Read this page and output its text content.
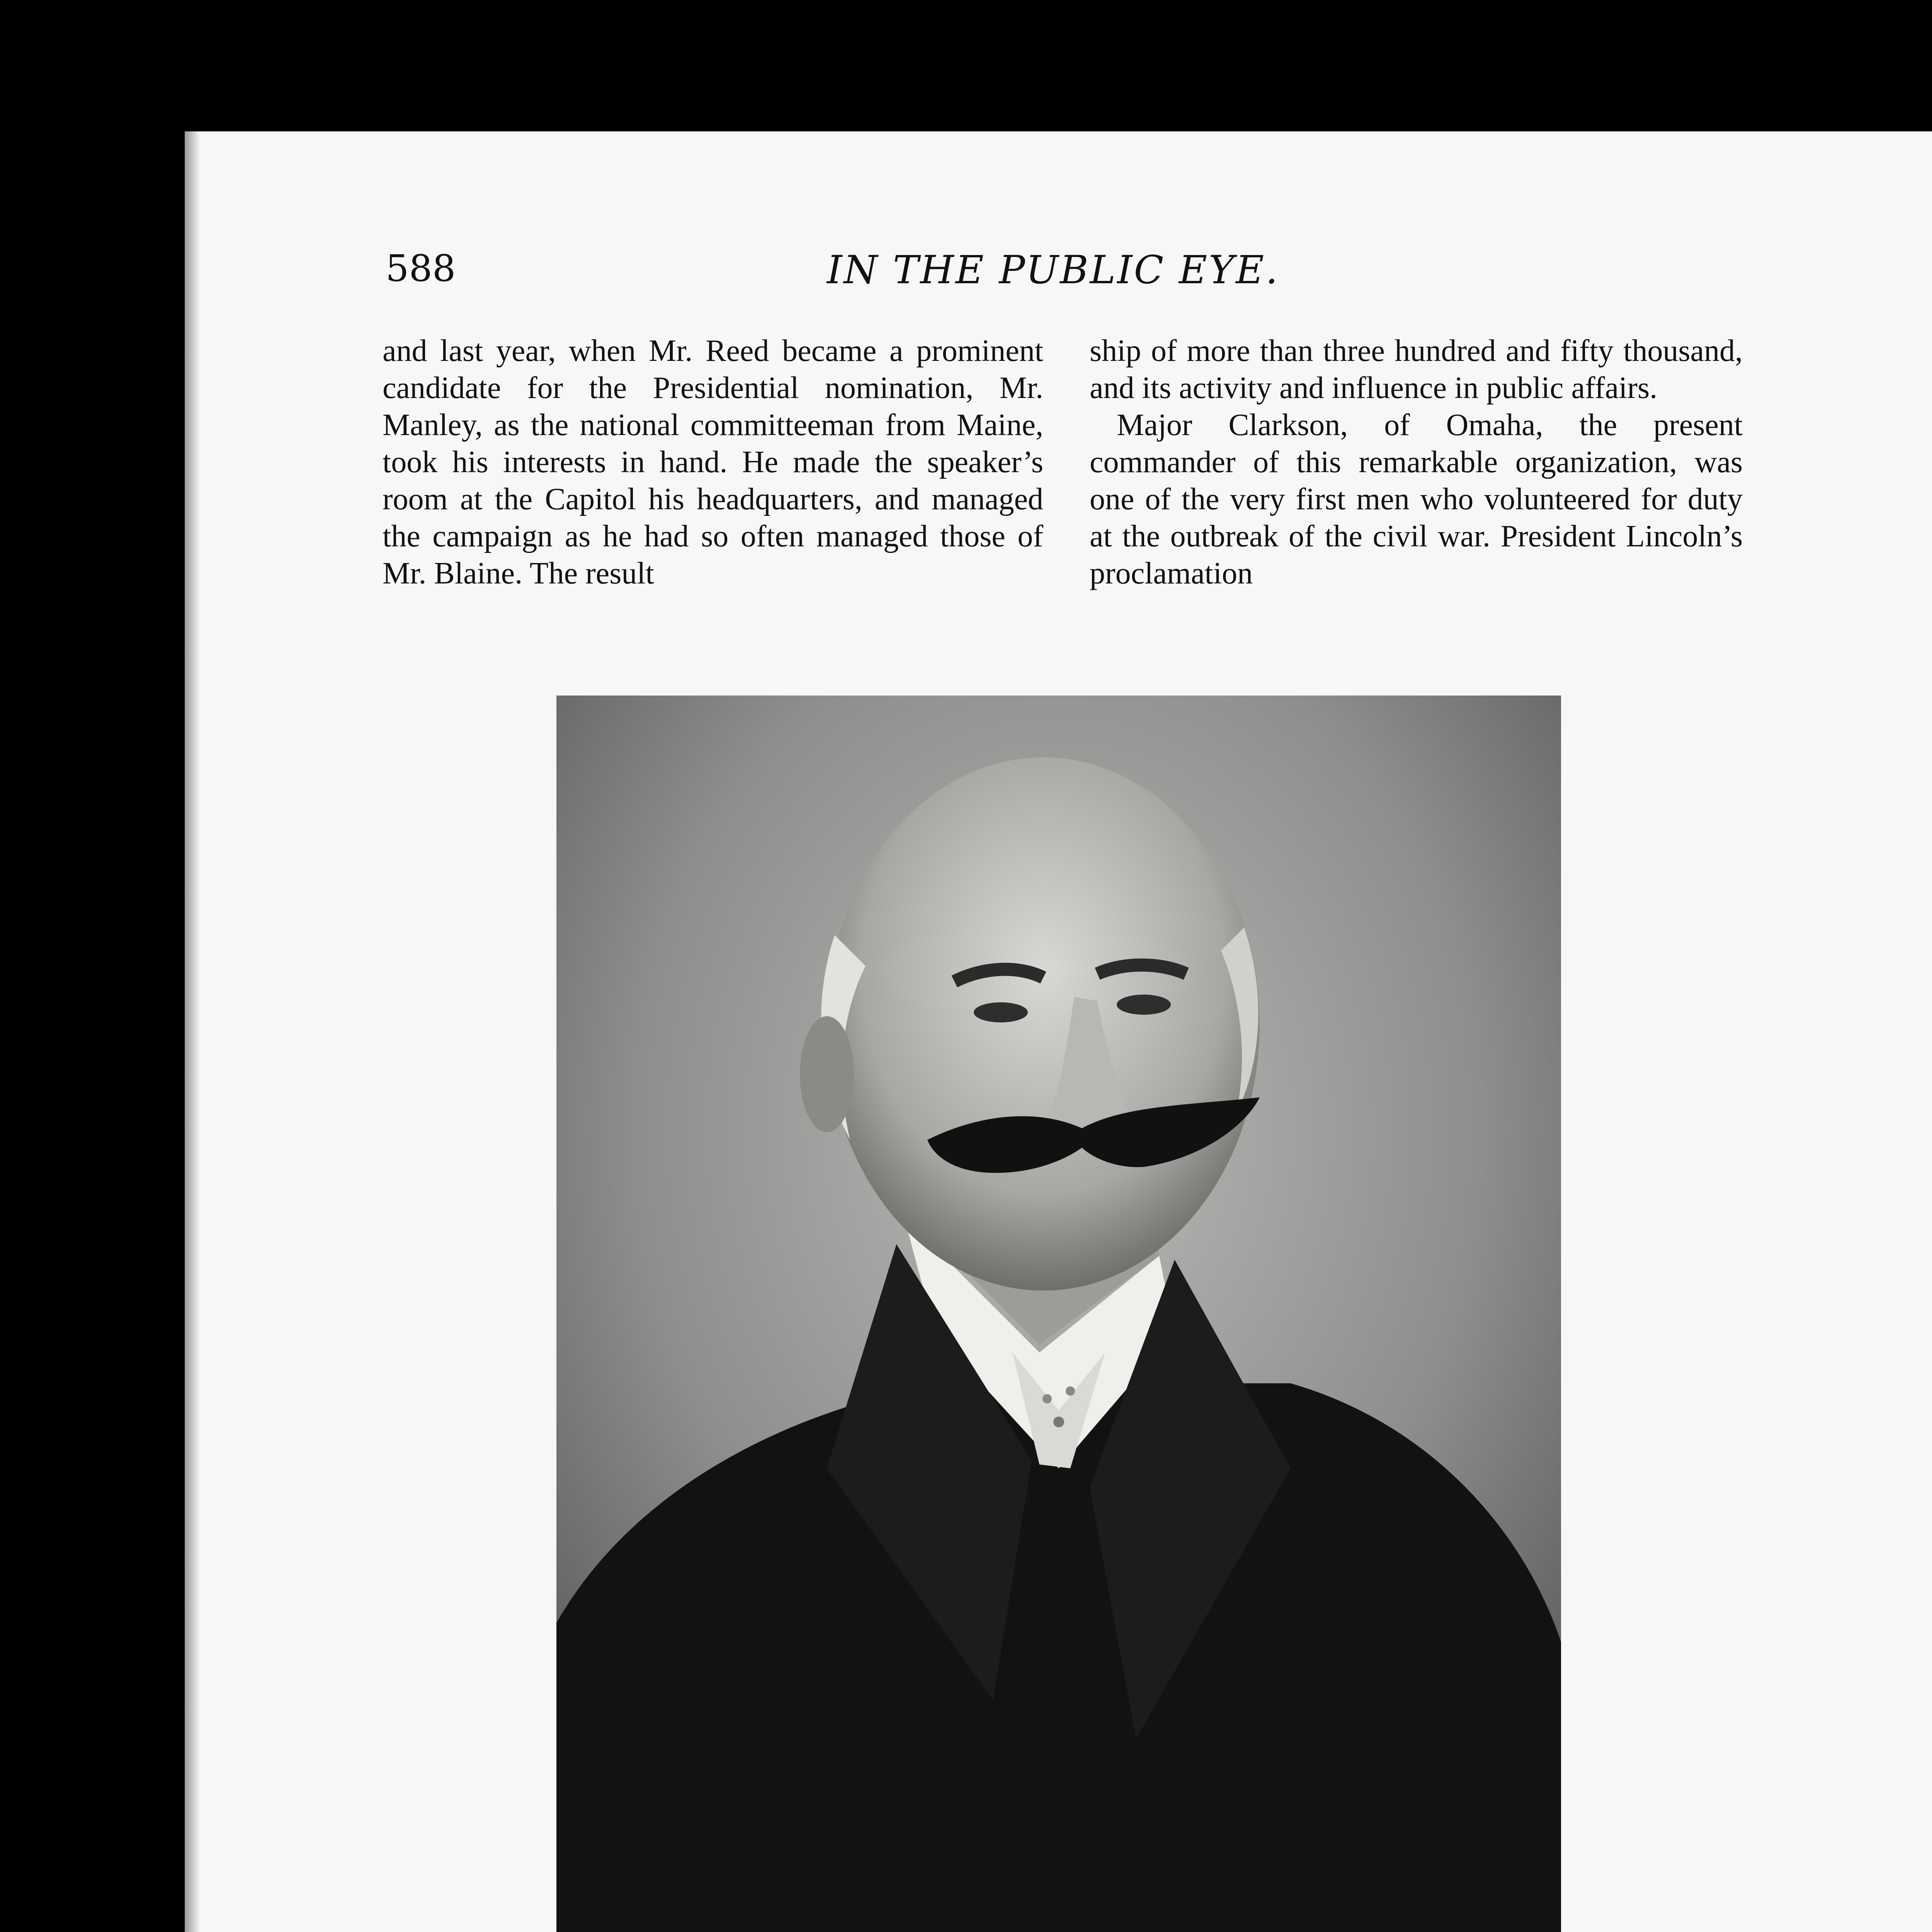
588	IN THE PUBLIC EYE.

and last year, when Mr. Reed became a prominent candidate for the Presidential nomination, Mr. Manley, as the national committeeman from Maine, took his interests in hand. He made the speaker’s room at the Capitol his headquarters, and managed the campaign as he had so often managed those of Mr. Blaine. The result

ship of more than three hundred and fifty thousand, and its activity and influence in public affairs.

Major Clarkson, of Omaha, the present commander of this remarkable organization, was one of the very first men who volunteered for duty at the outbreak of the civil war. President Lincoln’s proclamation
